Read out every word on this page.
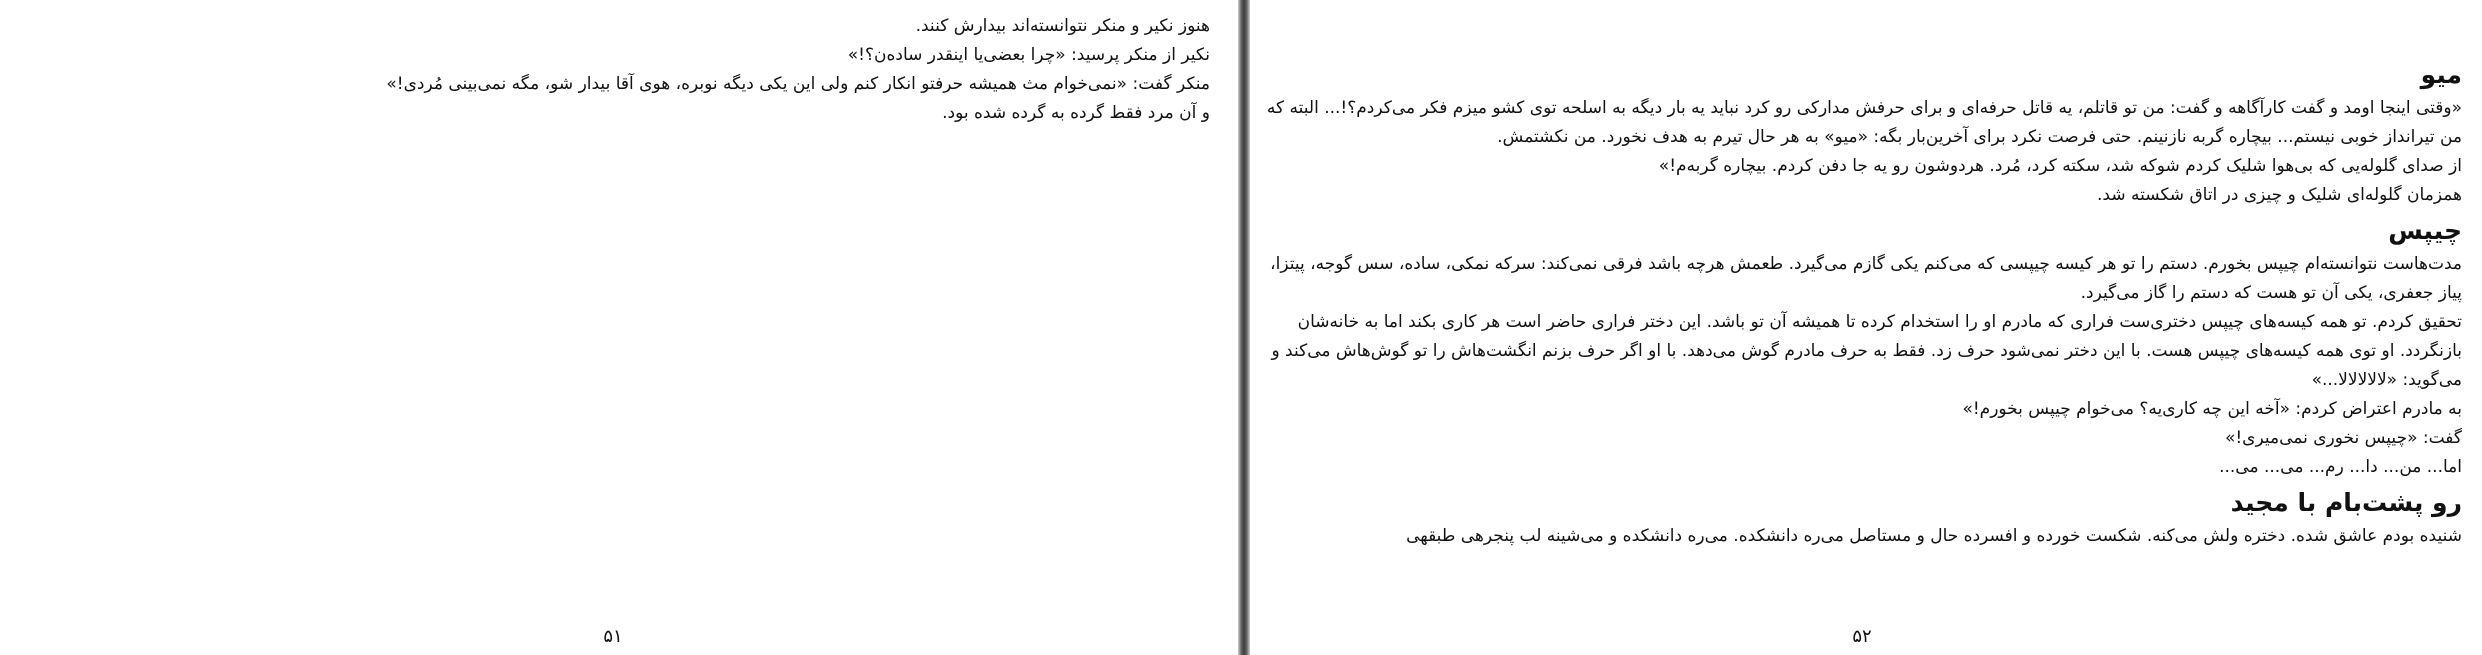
هنوز نکیر و منکر نتوانسته‌اند بیدارش کنند.

نکیر از منکر پرسید: «چرا بعضی‌یا اینقدر ساده‌ن؟!»

منکر گفت: «نمی‌خوام مث همیشه حرفتو انکار کنم ولی این یکی دیگه نوبره، هوی آقا بیدار شو، مگه نمی‌بینی مُردی!»

و آن مرد فقط گرده به گرده شده بود.

۵۱
میو

«وقتی اینجا اومد و گفت کارآگاهه و گفت: من تو قاتلم، یه قاتل حرفه‌ای و برای حرفش مدارکی رو کرد نباید یه بار دیگه به اسلحه توی کشو میزم فکر می‌کردم؟!... البته که من تیرانداز خوبی نیستم... بیچاره گربه نازنینم. حتی فرصت نکرد برای آخرین‌بار بگه: «میو» به هر حال تیرم به هدف نخورد. من نکشتمش.

از صدای گلوله‌یی که بی‌هوا شلیک کردم شوکه شد، سکته کرد، مُرد. هردوشون رو یه جا دفن کردم. بیچاره گربه‌م!»

همزمان گلوله‌ای شلیک و چیزی در اتاق شکسته شد.

چیپس

مدت‌هاست نتوانسته‌ام چیپس بخورم. دستم را تو هر کیسه چیپسی که می‌کنم یکی گازم می‌گیرد. طعمش هرچه باشد فرقی نمی‌کند: سرکه نمکی، ساده، سس گوجه، پیتزا، پیاز جعفری، یکی آن تو هست که دستم را گاز می‌گیرد.

تحقیق کردم. تو همه کیسه‌های چیپس دختری‌ست فراری که مادرم او را استخدام کرده تا همیشه آن تو باشد. این دختر فراری حاضر است هر کاری بکند اما به خانه‌شان بازنگردد. او توی همه کیسه‌های چیپس هست. با این دختر نمی‌شود حرف زد. فقط به حرف مادرم گوش می‌دهد. با او اگر حرف بزنم انگشت‌هاش را تو گوش‌هاش می‌کند و می‌گوید: «لالالالالا...»

به مادرم اعتراض کردم: «آخه این چه کاری‌یه؟ می‌خوام چیپس بخورم!»

گفت: «چیپس نخوری نمی‌میری!»

اما... من... دا... رم... می... می...

رو پشت‌بام با مجید

شنیده بودم عاشق شده. دختره ولش می‌کنه. شکست خورده و افسرده حال و مستاصل می‌ره دانشکده. می‌ره دانشکده و می‌شینه لب پنجرهی طبقهی

۵۲
